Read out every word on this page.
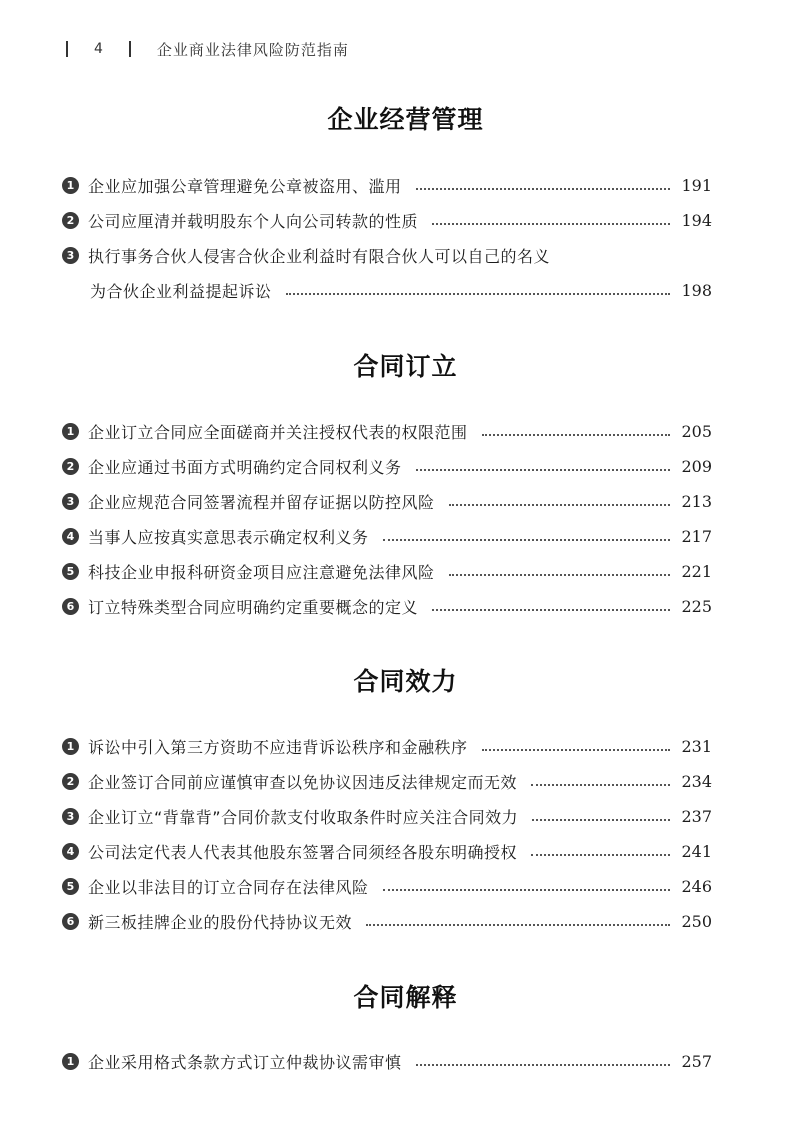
4	企业商业法律风险防范指南
企业经营管理
1 企业应加强公章管理避免公章被盗用、滥用	191
2 公司应厘清并载明股东个人向公司转款的性质	194
3 执行事务合伙人侵害合伙企业利益时有限合伙人可以自己的名义
为合伙企业利益提起诉讼	198
合同订立
1 企业订立合同应全面磋商并关注授权代表的权限范围	205
2 企业应通过书面方式明确约定合同权利义务	209
3 企业应规范合同签署流程并留存证据以防控风险	213
4 当事人应按真实意思表示确定权利义务	217
5 科技企业申报科研资金项目应注意避免法律风险	221
6 订立特殊类型合同应明确约定重要概念的定义	225
合同效力
1 诉讼中引入第三方资助不应违背诉讼秩序和金融秩序	231
2 企业签订合同前应谨慎审查以免协议因违反法律规定而无效	234
3 企业订立“背靠背”合同价款支付收取条件时应关注合同效力	237
4 公司法定代表人代表其他股东签署合同须经各股东明确授权	241
5 企业以非法目的订立合同存在法律风险	246
6 新三板挂牌企业的股份代持协议无效	250
合同解释
1 企业采用格式条款方式订立仲裁协议需审慎	257
